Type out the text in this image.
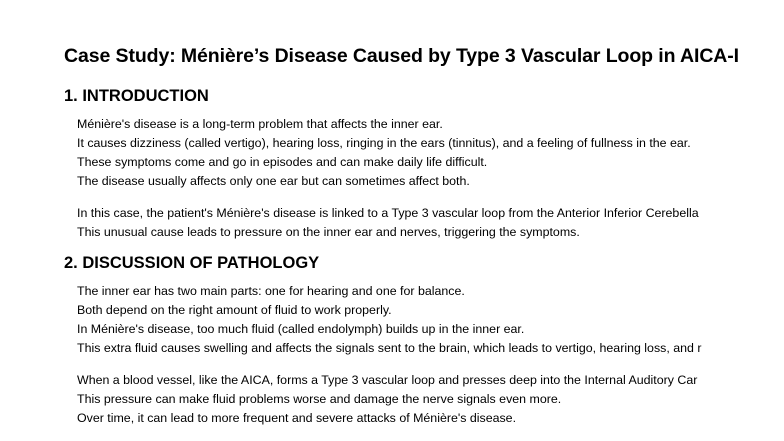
Case Study: Ménière’s Disease Caused by Type 3 Vascular Loop in AICA-I
1. INTRODUCTION

Ménière's disease is a long-term problem that affects the inner ear.
It causes dizziness (called vertigo), hearing loss, ringing in the ears (tinnitus), and a feeling of fullness in the ear.
These symptoms come and go in episodes and can make daily life difficult.
The disease usually affects only one ear but can sometimes affect both.

In this case, the patient's Ménière's disease is linked to a Type 3 vascular loop from the Anterior Inferior Cerebella
This unusual cause leads to pressure on the inner ear and nerves, triggering the symptoms.

2. DISCUSSION OF PATHOLOGY

The inner ear has two main parts: one for hearing and one for balance.
Both depend on the right amount of fluid to work properly.
In Ménière's disease, too much fluid (called endolymph) builds up in the inner ear.
This extra fluid causes swelling and affects the signals sent to the brain, which leads to vertigo, hearing loss, and r

When a blood vessel, like the AICA, forms a Type 3 vascular loop and presses deep into the Internal Auditory Car
This pressure can make fluid problems worse and damage the nerve signals even more.
Over time, it can lead to more frequent and severe attacks of Ménière's disease.
